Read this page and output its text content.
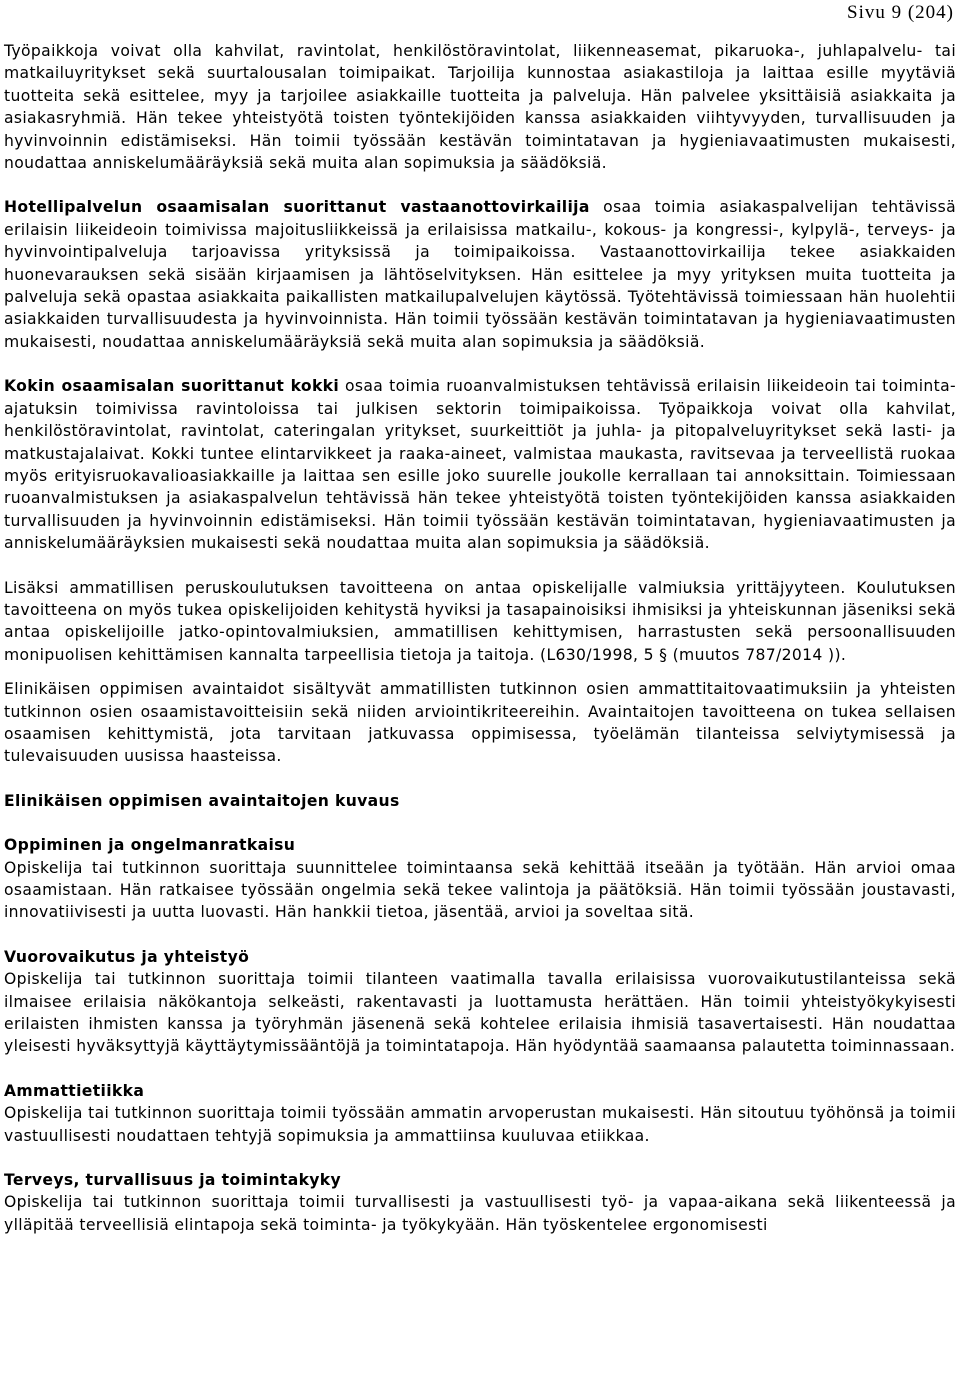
Sivu 9 (204)

Työpaikkoja voivat olla kahvilat, ravintolat, henkilöstöravintolat, liikenneasemat, pikaruoka-, juhlapalvelu- tai matkailuyritykset sekä suurtalousalan toimipaikat. Tarjoilija kunnostaa asiakastiloja ja laittaa esille myytäviä tuotteita sekä esittelee, myy ja tarjoilee asiakkaille tuotteita ja palveluja. Hän palvelee yksittäisiä asiakkaita ja asiakasryhmiä. Hän tekee yhteistyötä toisten työntekijöiden kanssa asiakkaiden viihtyvyyden, turvallisuuden ja hyvinvoinnin edistämiseksi. Hän toimii työssään kestävän toimintatavan ja hygieniavaatimusten mukaisesti, noudattaa anniskelumääräyksiä sekä muita alan sopimuksia ja säädöksiä.

Hotellipalvelun osaamisalan suorittanut vastaanottovirkailija osaa toimia asiakaspalvelijan tehtävissä erilaisin liikeideoin toimivissa majoitusliikkeissä ja erilaisissa matkailu-, kokous- ja kongressi-, kylpylä-, terveys- ja hyvinvointipalveluja tarjoavissa yrityksissä ja toimipaikoissa. Vastaanottovirkailija tekee asiakkaiden huonevarauksen sekä sisään kirjaamisen ja lähtöselvityksen. Hän esittelee ja myy yrityksen muita tuotteita ja palveluja sekä opastaa asiakkaita paikallisten matkailupalvelujen käytössä. Työtehtävissä toimiessaan hän huolehtii asiakkaiden turvallisuudesta ja hyvinvoinnista. Hän toimii työssään kestävän toimintatavan ja hygieniavaatimusten mukaisesti, noudattaa anniskelumääräyksiä sekä muita alan sopimuksia ja säädöksiä.

Kokin osaamisalan suorittanut kokki osaa toimia ruoanvalmistuksen tehtävissä erilaisin liikeideoin tai toiminta-ajatuksin toimivissa ravintoloissa tai julkisen sektorin toimipaikoissa. Työpaikkoja voivat olla kahvilat, henkilöstöravintolat, ravintolat, cateringalan yritykset, suurkeittiöt ja juhla- ja pitopalveluyritykset sekä lasti- ja matkustajalaivat. Kokki tuntee elintarvikkeet ja raaka-aineet, valmistaa maukasta, ravitsevaa ja terveellistä ruokaa myös erityisruokavalioasiakkaille ja laittaa sen esille joko suurelle joukolle kerrallaan tai annoksittain. Toimiessaan ruoanvalmistuksen ja asiakaspalvelun tehtävissä hän tekee yhteistyötä toisten työntekijöiden kanssa asiakkaiden turvallisuuden ja hyvinvoinnin edistämiseksi. Hän toimii työssään kestävän toimintatavan, hygieniavaatimusten ja anniskelumääräyksien mukaisesti sekä noudattaa muita alan sopimuksia ja säädöksiä.

Lisäksi ammatillisen peruskoulutuksen tavoitteena on antaa opiskelijalle valmiuksia yrittäjyyteen. Koulutuksen tavoitteena on myös tukea opiskelijoiden kehitystä hyviksi ja tasapainoisiksi ihmisiksi ja yhteiskunnan jäseniksi sekä antaa opiskelijoille jatko-opintovalmiuksien, ammatillisen kehittymisen, harrastusten sekä persoonallisuuden monipuolisen kehittämisen kannalta tarpeellisia tietoja ja taitoja. (L630/1998, 5 § (muutos 787/2014 )).

Elinikäisen oppimisen avaintaidot sisältyvät ammatillisten tutkinnon osien ammattitaitovaatimuksiin ja yhteisten tutkinnon osien osaamistavoitteisiin sekä niiden arviointikriteereihin. Avaintaitojen tavoitteena on tukea sellaisen osaamisen kehittymistä, jota tarvitaan jatkuvassa oppimisessa, työelämän tilanteissa selviytymisessä ja tulevaisuuden uusissa haasteissa.

Elinikäisen oppimisen avaintaitojen kuvaus

Oppiminen ja ongelmanratkaisu

Opiskelija tai tutkinnon suorittaja suunnittelee toimintaansa sekä kehittää itseään ja työtään. Hän arvioi omaa osaamistaan. Hän ratkaisee työssään ongelmia sekä tekee valintoja ja päätöksiä. Hän toimii työssään joustavasti, innovatiivisesti ja uutta luovasti. Hän hankkii tietoa, jäsentää, arvioi ja soveltaa sitä.

Vuorovaikutus ja yhteistyö

Opiskelija tai tutkinnon suorittaja toimii tilanteen vaatimalla tavalla erilaisissa vuorovaikutustilanteissa sekä ilmaisee erilaisia näkökantoja selkeästi, rakentavasti ja luottamusta herättäen. Hän toimii yhteistyökykyisesti erilaisten ihmisten kanssa ja työryhmän jäsenenä sekä kohtelee erilaisia ihmisiä tasavertaisesti. Hän noudattaa yleisesti hyväksyttyjä käyttäytymissääntöjä ja toimintatapoja. Hän hyödyntää saamaansa palautetta toiminnassaan.

Ammattietiikka

Opiskelija tai tutkinnon suorittaja toimii työssään ammatin arvoperustan mukaisesti. Hän sitoutuu työhönsä ja toimii vastuullisesti noudattaen tehtyjä sopimuksia ja ammattiinsa kuuluvaa etiikkaa.

Terveys, turvallisuus ja toimintakyky

Opiskelija tai tutkinnon suorittaja toimii turvallisesti ja vastuullisesti työ- ja vapaa-aikana sekä liikenteessä ja ylläpitää terveellisiä elintapoja sekä toiminta- ja työkykyään. Hän työskentelee ergonomisesti
